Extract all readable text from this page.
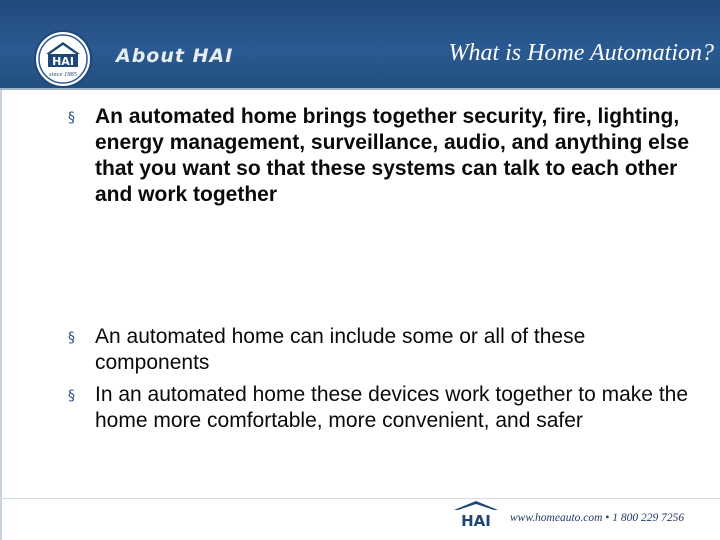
HAI
since 1985
About HAI	What is Home Automation?
§ An automated home brings together security, fire, lighting, energy management, surveillance, audio, and anything else that you want so that these systems can talk to each other and work together
§ An automated home can include some or all of these components
§ In an automated home these devices work together to make the home more comfortable, more convenient, and safer
HAI www.homeauto.com • 1 800 229 7256
